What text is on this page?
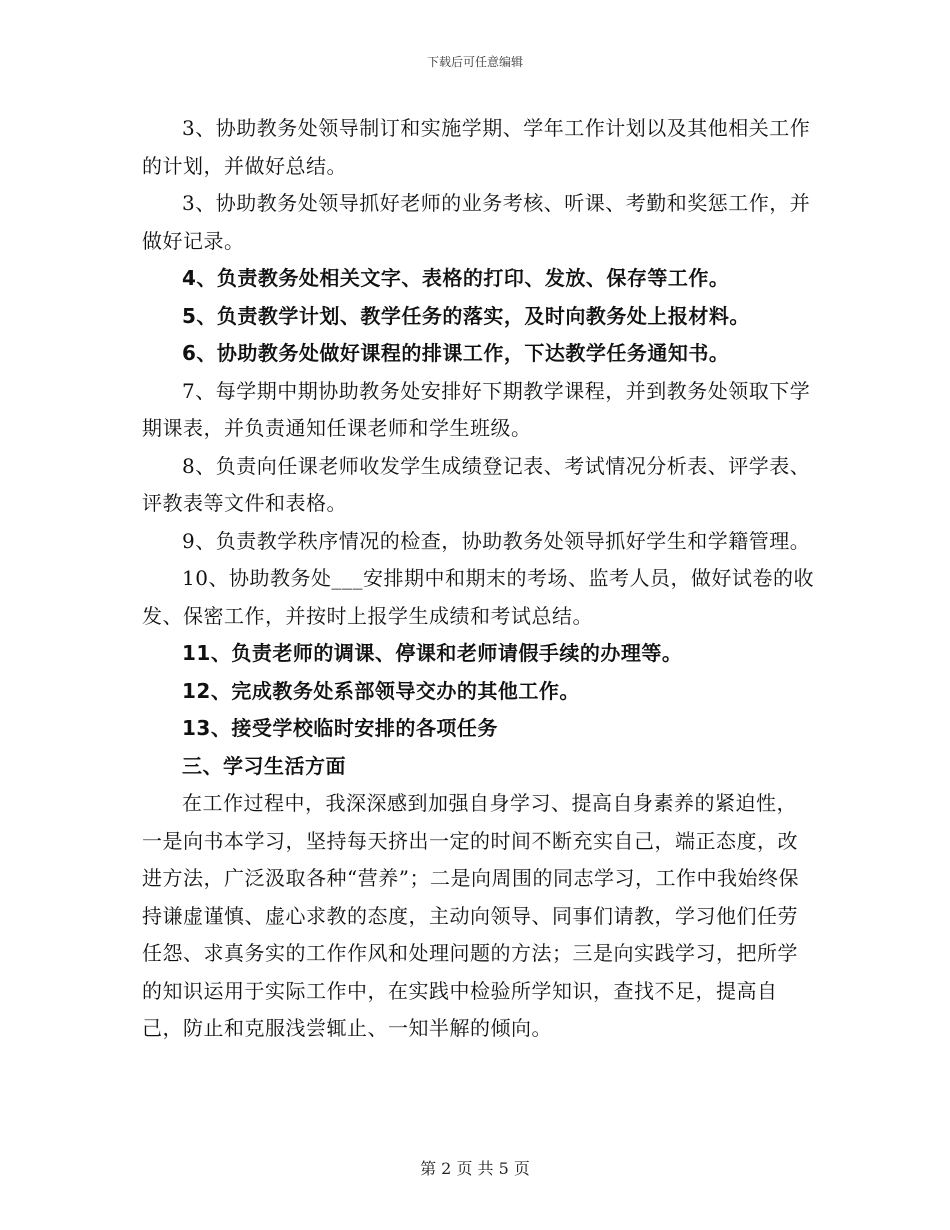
下载后可任意编辑

3、协助教务处领导制订和实施学期、学年工作计划以及其他相关工作的计划，并做好总结。

3、协助教务处领导抓好老师的业务考核、听课、考勤和奖惩工作，并做好记录。

4、负责教务处相关文字、表格的打印、发放、保存等工作。

5、负责教学计划、教学任务的落实，及时向教务处上报材料。

6、协助教务处做好课程的排课工作，下达教学任务通知书。

7、每学期中期协助教务处安排好下期教学课程，并到教务处领取下学期课表，并负责通知任课老师和学生班级。

8、负责向任课老师收发学生成绩登记表、考试情况分析表、评学表、评教表等文件和表格。

9、负责教学秩序情况的检查，协助教务处领导抓好学生和学籍管理。

10、协助教务处___安排期中和期末的考场、监考人员，做好试卷的收发、保密工作，并按时上报学生成绩和考试总结。

11、负责老师的调课、停课和老师请假手续的办理等。

12、完成教务处系部领导交办的其他工作。

13、接受学校临时安排的各项任务

三、学习生活方面

在工作过程中，我深深感到加强自身学习、提高自身素养的紧迫性，一是向书本学习，坚持每天挤出一定的时间不断充实自己，端正态度，改进方法，广泛汲取各种“营养”；二是向周围的同志学习，工作中我始终保持谦虚谨慎、虚心求教的态度，主动向领导、同事们请教，学习他们任劳任怨、求真务实的工作作风和处理问题的方法；三是向实践学习，把所学的知识运用于实际工作中，在实践中检验所学知识，查找不足，提高自己，防止和克服浅尝辄止、一知半解的倾向。

第 2 页 共 5 页
